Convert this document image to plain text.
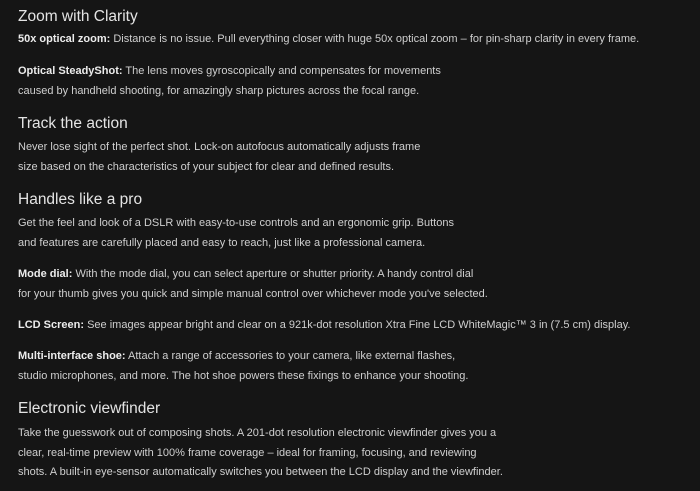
Zoom with Clarity

50x optical zoom: Distance is no issue. Pull everything closer with huge 50x optical zoom – for pin-sharp clarity in every frame.

Optical SteadyShot: The lens moves gyroscopically and compensates for movements
caused by handheld shooting, for amazingly sharp pictures across the focal range.

Track the action

Never lose sight of the perfect shot. Lock-on autofocus automatically adjusts frame
size based on the characteristics of your subject for clear and defined results.

Handles like a pro

Get the feel and look of a DSLR with easy-to-use controls and an ergonomic grip. Buttons
and features are carefully placed and easy to reach, just like a professional camera.

Mode dial: With the mode dial, you can select aperture or shutter priority. A handy control dial
for your thumb gives you quick and simple manual control over whichever mode you've selected.

LCD Screen: See images appear bright and clear on a 921k-dot resolution Xtra Fine LCD WhiteMagic™ 3 in (7.5 cm) display.

Multi-interface shoe: Attach a range of accessories to your camera, like external flashes,
studio microphones, and more. The hot shoe powers these fixings to enhance your shooting.

Electronic viewfinder

Take the guesswork out of composing shots. A 201-dot resolution electronic viewfinder gives you a
clear, real-time preview with 100% frame coverage – ideal for framing, focusing, and reviewing
shots. A built-in eye-sensor automatically switches you between the LCD display and the viewfinder.
